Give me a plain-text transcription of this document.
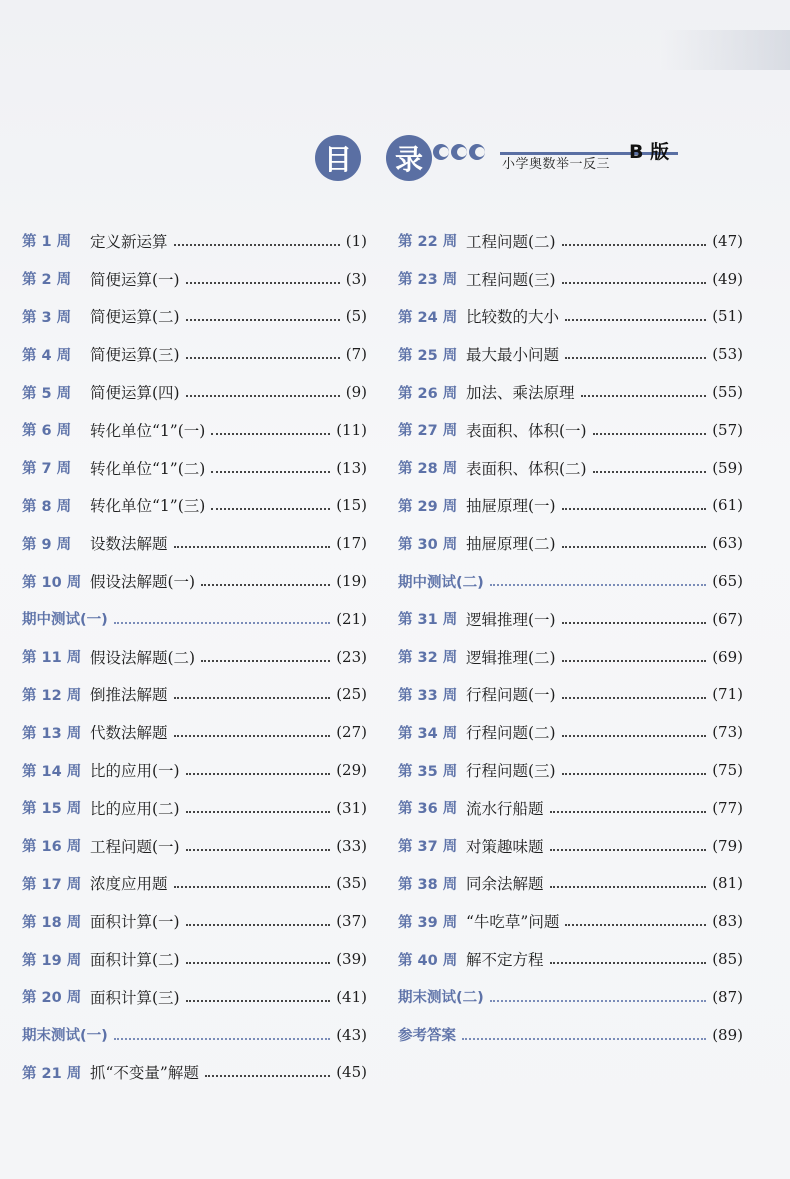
目	录	小学奥数举一反三
B 版
第 1 周	定义新运算	(1)
第 2 周	简便运算(一)	(3)
第 3 周	简便运算(二)	(5)
第 4 周	简便运算(三)	(7)
第 5 周	简便运算(四)	(9)
第 6 周	转化单位“1”(一)	(11)
第 7 周	转化单位“1”(二)	(13)
第 8 周	转化单位“1”(三)	(15)
第 9 周	设数法解题	(17)
第 10 周 假设法解题(一)	(19)
期中测试(一)	(21)
第 11 周 假设法解题(二)	(23)
第 12 周 倒推法解题	(25)
第 13 周 代数法解题	(27)
第 14 周 比的应用(一)	(29)
第 15 周 比的应用(二)	(31)
第 16 周 工程问题(一)	(33)
第 17 周 浓度应用题	(35)
第 18 周 面积计算(一)	(37)
第 19 周 面积计算(二)	(39)
第 20 周 面积计算(三)	(41)
期末测试(一)	(43)
第 21 周 抓“不变量”解题	(45)
第 22 周 工程问题(二)	(47)
第 23 周 工程问题(三)	(49)
第 24 周 比较数的大小	(51)
第 25 周 最大最小问题	(53)
第 26 周 加法、乘法原理	(55)
第 27 周 表面积、体积(一)	(57)
第 28 周 表面积、体积(二)	(59)
第 29 周 抽屉原理(一)	(61)
第 30 周 抽屉原理(二)	(63)
期中测试(二)	(65)
第 31 周 逻辑推理(一)	(67)
第 32 周 逻辑推理(二)	(69)
第 33 周 行程问题(一)	(71)
第 34 周 行程问题(二)	(73)
第 35 周 行程问题(三)	(75)
第 36 周 流水行船题	(77)
第 37 周 对策趣味题	(79)
第 38 周 同余法解题	(81)
第 39 周 “牛吃草”问题	(83)
第 40 周 解不定方程	(85)
期末测试(二)	(87)
参考答案	(89)
